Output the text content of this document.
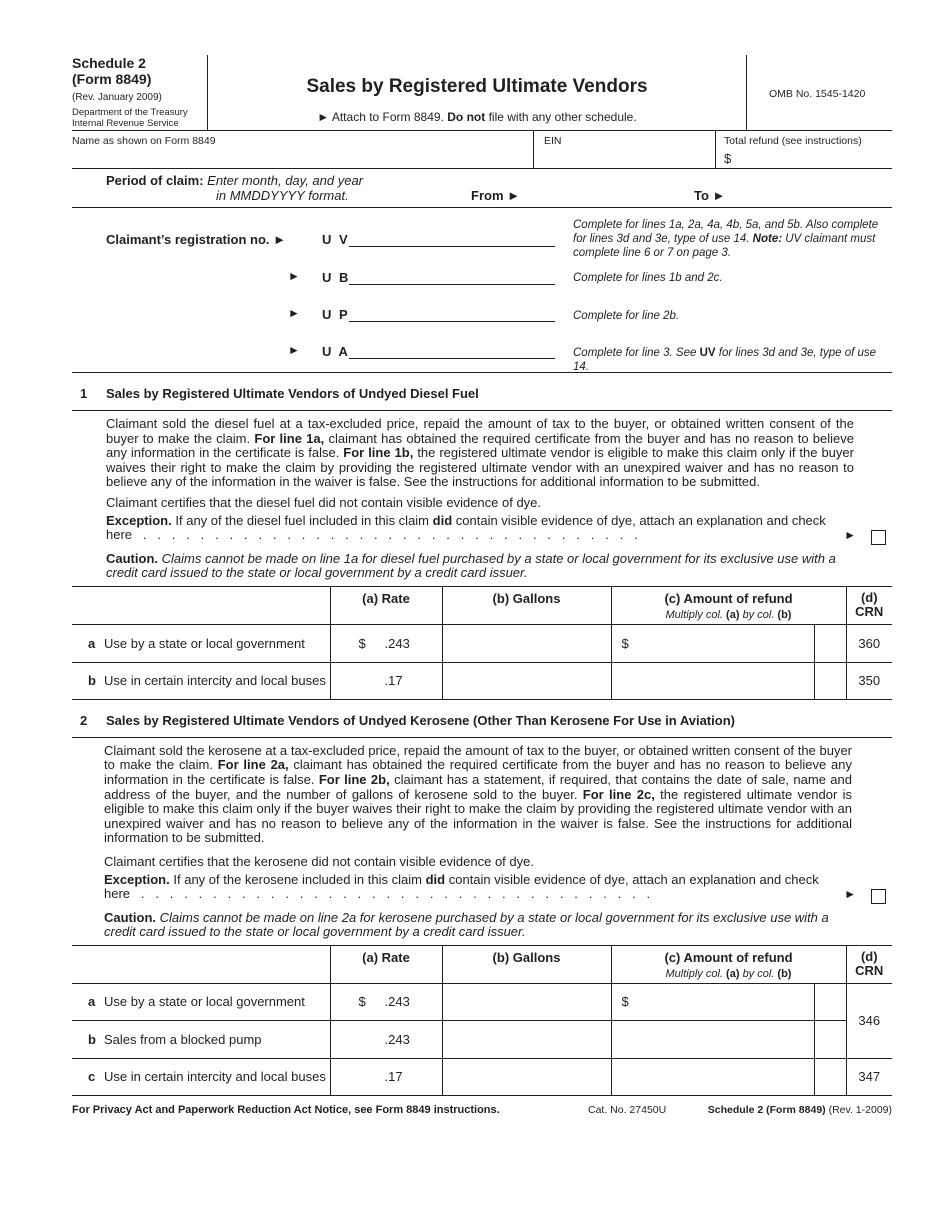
Schedule 2
(Form 8849)
(Rev. January 2009)
Department of the Treasury
Internal Revenue Service
Sales by Registered Ultimate Vendors
► Attach to Form 8849. Do not file with any other schedule.
OMB No. 1545-1420
Name as shown on Form 8849	EIN	Total refund (see instructions)
$
Period of claim: Enter month, day, and year
in MMDDYYYY format.	From ►	To ►
Claimant’s registration no. ►	U V
Complete for lines 1a, 2a, 4a, 4b, 5a, and 5b. Also complete for lines 3d and 3e, type of use 14. Note: UV claimant must complete line 6 or 7 on page 3.
► U B	Complete for lines 1b and 2c.
► U P	Complete for line 2b.
► U A	Complete for line 3. See UV for lines 3d and 3e, type of use 14.
1 Sales by Registered Ultimate Vendors of Undyed Diesel Fuel
Claimant sold the diesel fuel at a tax-excluded price, repaid the amount of tax to the buyer, or obtained written consent of the buyer to make the claim. For line 1a, claimant has obtained the required certificate from the buyer and has no reason to believe any information in the certificate is false. For line 1b, the registered ultimate vendor is eligible to make this claim only if the buyer waives their right to make the claim by providing the registered ultimate vendor with an unexpired waiver and has no reason to believe any of the information in the waiver is false. See the instructions for additional information to be submitted.
Claimant certifies that the diesel fuel did not contain visible evidence of dye.
Exception. If any of the diesel fuel included in this claim did contain visible evidence of dye, attach an explanation and check here   .   .   .   .   .   .   .   .   .   .   .   .   .   .   .   .   .   .   .   .   .   .   .   .   .   .   .   .   .   .   .   .   .   .   .	►
Caution. Claims cannot be made on line 1a for diesel fuel purchased by a state or local government for its exclusive use with a credit card issued to the state or local government by a credit card issuer.
	(a) Rate	(b) Gallons	(c) Amount of refund
Multiply col. (a) by col. (b)		(d)
CRN
a Use by a state or local government	$ .243		$		360
b Use in certain intercity and local buses	.17				350
2 Sales by Registered Ultimate Vendors of Undyed Kerosene (Other Than Kerosene For Use in Aviation)
Claimant sold the kerosene at a tax-excluded price, repaid the amount of tax to the buyer, or obtained written consent of the buyer to make the claim. For line 2a, claimant has obtained the required certificate from the buyer and has no reason to believe any information in the certificate is false. For line 2b, claimant has a statement, if required, that contains the date of sale, name and address of the buyer, and the number of gallons of kerosene sold to the buyer. For line 2c, the registered ultimate vendor is eligible to make this claim only if the buyer waives their right to make the claim by providing the registered ultimate vendor with an unexpired waiver and has no reason to believe any of the information in the waiver is false. See the instructions for additional information to be submitted.
Claimant certifies that the kerosene did not contain visible evidence of dye.
Exception. If any of the kerosene included in this claim did contain visible evidence of dye, attach an explanation and check here   .   .   .   .   .   .   .   .   .   .   .   .   .   .   .   .   .   .   .   .   .   .   .   .   .   .   .   .   .   .   .   .   .   .   .   .	►
Caution. Claims cannot be made on line 2a for kerosene purchased by a state or local government for its exclusive use with a credit card issued to the state or local government by a credit card issuer.
	(a) Rate	(b) Gallons	(c) Amount of refund
Multiply col. (a) by col. (b)		(d)
CRN
a Use by a state or local government	$ .243		$		346
b Sales from a blocked pump	.243				
c Use in certain intercity and local buses	.17				347
For Privacy Act and Paperwork Reduction Act Notice, see Form 8849 instructions.	Cat. No. 27450U	Schedule 2 (Form 8849) (Rev. 1-2009)
